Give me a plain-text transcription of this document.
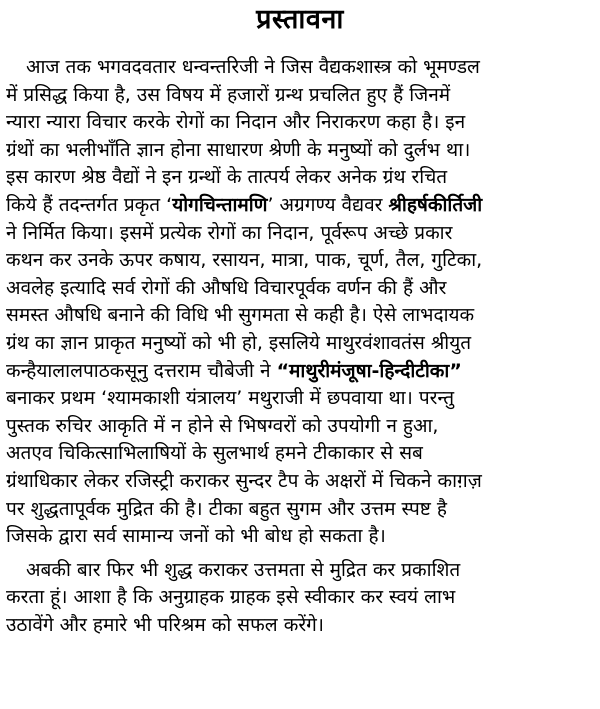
प्रस्तावना

आज तक भगवदवतार धन्वन्तरिजी ने जिस वैद्यकशास्त्र को भूमण्डल
में प्रसिद्ध किया है, उस विषय में हजारों ग्रन्थ प्रचलित हुए हैं जिनमें
न्यारा न्यारा विचार करके रोगों का निदान और निराकरण कहा है। इन
ग्रंथों का भलीभाँति ज्ञान होना साधारण श्रेणी के मनुष्यों को दुर्लभ था।
इस कारण श्रेष्ठ वैद्यों ने इन ग्रन्थों के तात्पर्य लेकर अनेक ग्रंथ रचित
किये हैं तदन्तर्गत प्रकृत ‘योगचिन्तामणि’ अग्रगण्य वैद्यवर श्रीहर्षकीर्तिजी
ने निर्मित किया। इसमें प्रत्येक रोगों का निदान, पूर्वरूप अच्छे प्रकार
कथन कर उनके ऊपर कषाय, रसायन, मात्रा, पाक, चूर्ण, तैल, गुटिका,
अवलेह इत्यादि सर्व रोगों की औषधि विचारपूर्वक वर्णन की हैं और
समस्त औषधि बनाने की विधि भी सुगमता से कही है। ऐसे लाभदायक
ग्रंथ का ज्ञान प्राकृत मनुष्यों को भी हो, इसलिये माथुरवंशावतंस श्रीयुत
कन्हैयालालपाठकसूनु दत्तराम चौबेजी ने “माथुरीमंजूषा-हिन्दीटीका”
बनाकर प्रथम ‘श्यामकाशी यंत्रालय’ मथुराजी में छपवाया था। परन्तु
पुस्तक रुचिर आकृति में न होने से भिषग्वरों को उपयोगी न हुआ,
अतएव चिकित्साभिलाषियों के सुलभार्थ हमने टीकाकार से सब
ग्रंथाधिकार लेकर रजिस्ट्री कराकर सुन्दर टैप के अक्षरों में चिकने काग़ज़
पर शुद्धतापूर्वक मुद्रित की है। टीका बहुत सुगम और उत्तम स्पष्ट है
जिसके द्वारा सर्व सामान्य जनों को भी बोध हो सकता है।

अबकी बार फिर भी शुद्ध कराकर उत्तमता से मुद्रित कर प्रकाशित
करता हूं। आशा है कि अनुग्राहक ग्राहक इसे स्वीकार कर स्वयं लाभ
उठावेंगे और हमारे भी परिश्रम को सफल करेंगे।
